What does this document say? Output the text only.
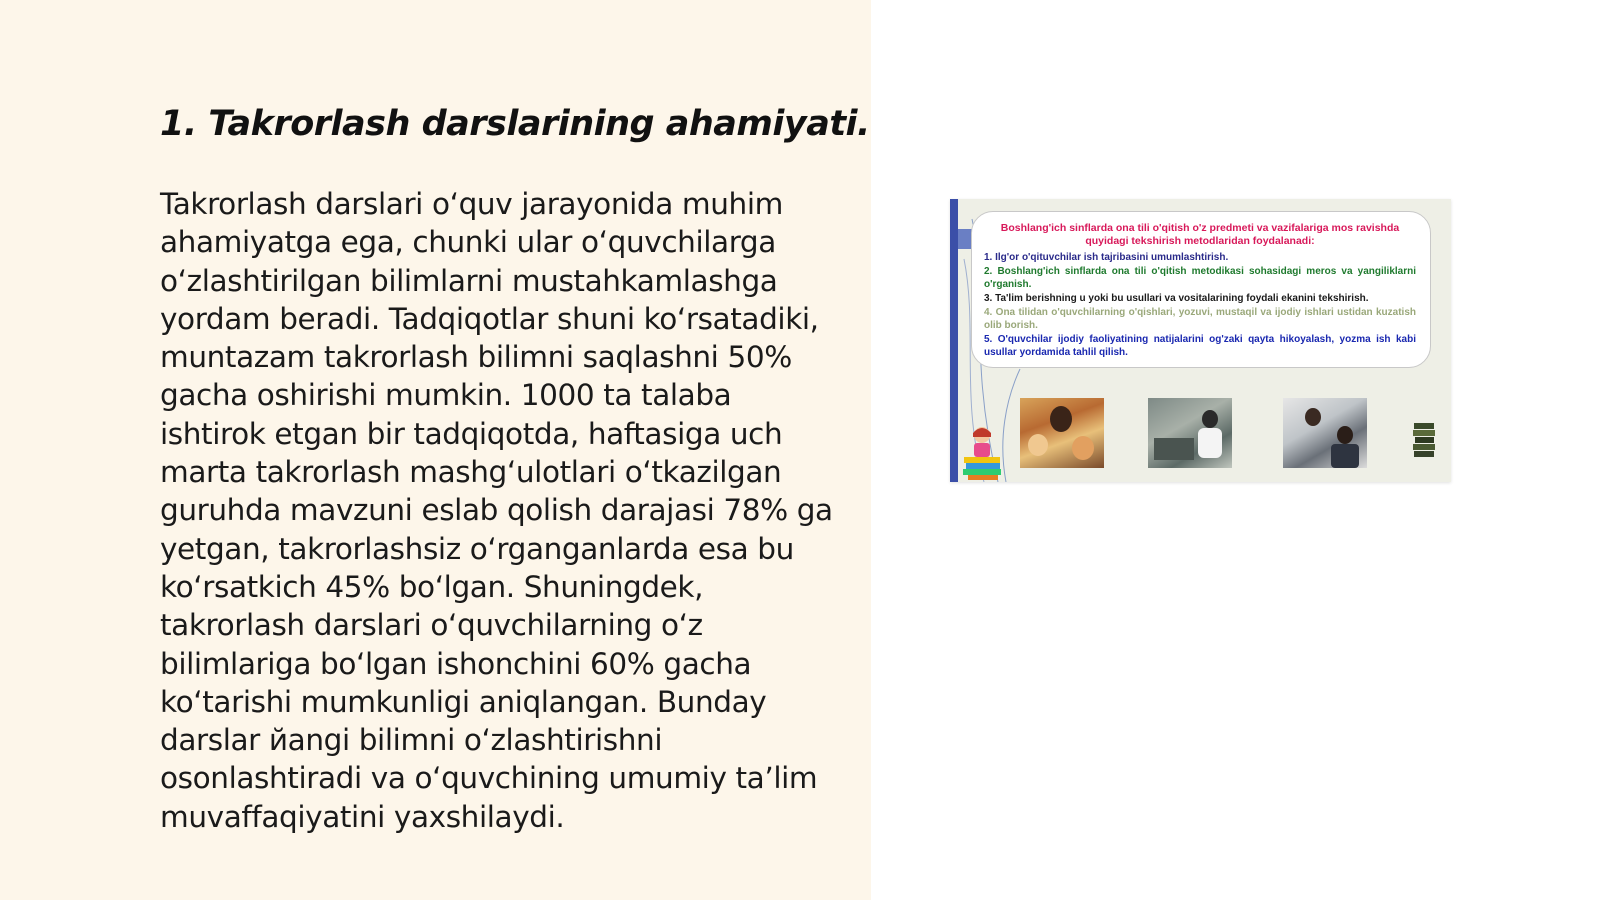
1. Takrorlash darslarining ahamiyati.

Takrorlash darslari o‘quv jarayonida muhim ahamiyatga ega, chunki ular o‘quvchilarga o‘zlashtirilgan bilimlarni mustahkamlashga yordam beradi. Tadqiqotlar shuni ko‘rsatadiki, muntazam takrorlash bilimni saqlashni 50% gacha oshirishi mumkin. 1000 ta talaba ishtirok etgan bir tadqiqotda, haftasiga uch marta takrorlash mashg‘ulotlari o‘tkazilgan guruhda mavzuni eslab qolish darajasi 78% ga yetgan, takrorlashsiz o‘rganganlarda esa bu ko‘rsatkich 45% bo‘lgan. Shuningdek, takrorlash darslari o‘quvchilarning o‘z bilimlariga bo‘lgan ishonchini 60% gacha ko‘tarishi mumkunligi aniqlangan. Bunday darslar йangi bilimni o‘zlashtirishni osonlashtiradi va o‘quvchining umumiy ta’lim muvaffaqiyatini yaxshilaydi.

Boshlang'ich sinflarda ona tili o'qitish o'z predmeti va vazifalariga mos ravishda quyidagi tekshirish metodlaridan foydalanadi:

1. Ilg'or o'qituvchilar ish tajribasini umumlashtirish.

2. Boshlang'ich sinflarda ona tili o'qitish metodikasi sohasidagi meros va yangiliklarni o'rganish.

3. Ta'lim berishning u yoki bu usullari va vositalarining foydali ekanini tekshirish.

4. Ona tilidan o'quvchilarning o'qishlari, yozuvi, mustaqil va ijodiy ishlari ustidan kuzatish olib borish.

5. O'quvchilar ijodiy faoliyatining natijalarini og'zaki qayta hikoyalash, yozma ish kabi usullar yordamida tahlil qilish.
